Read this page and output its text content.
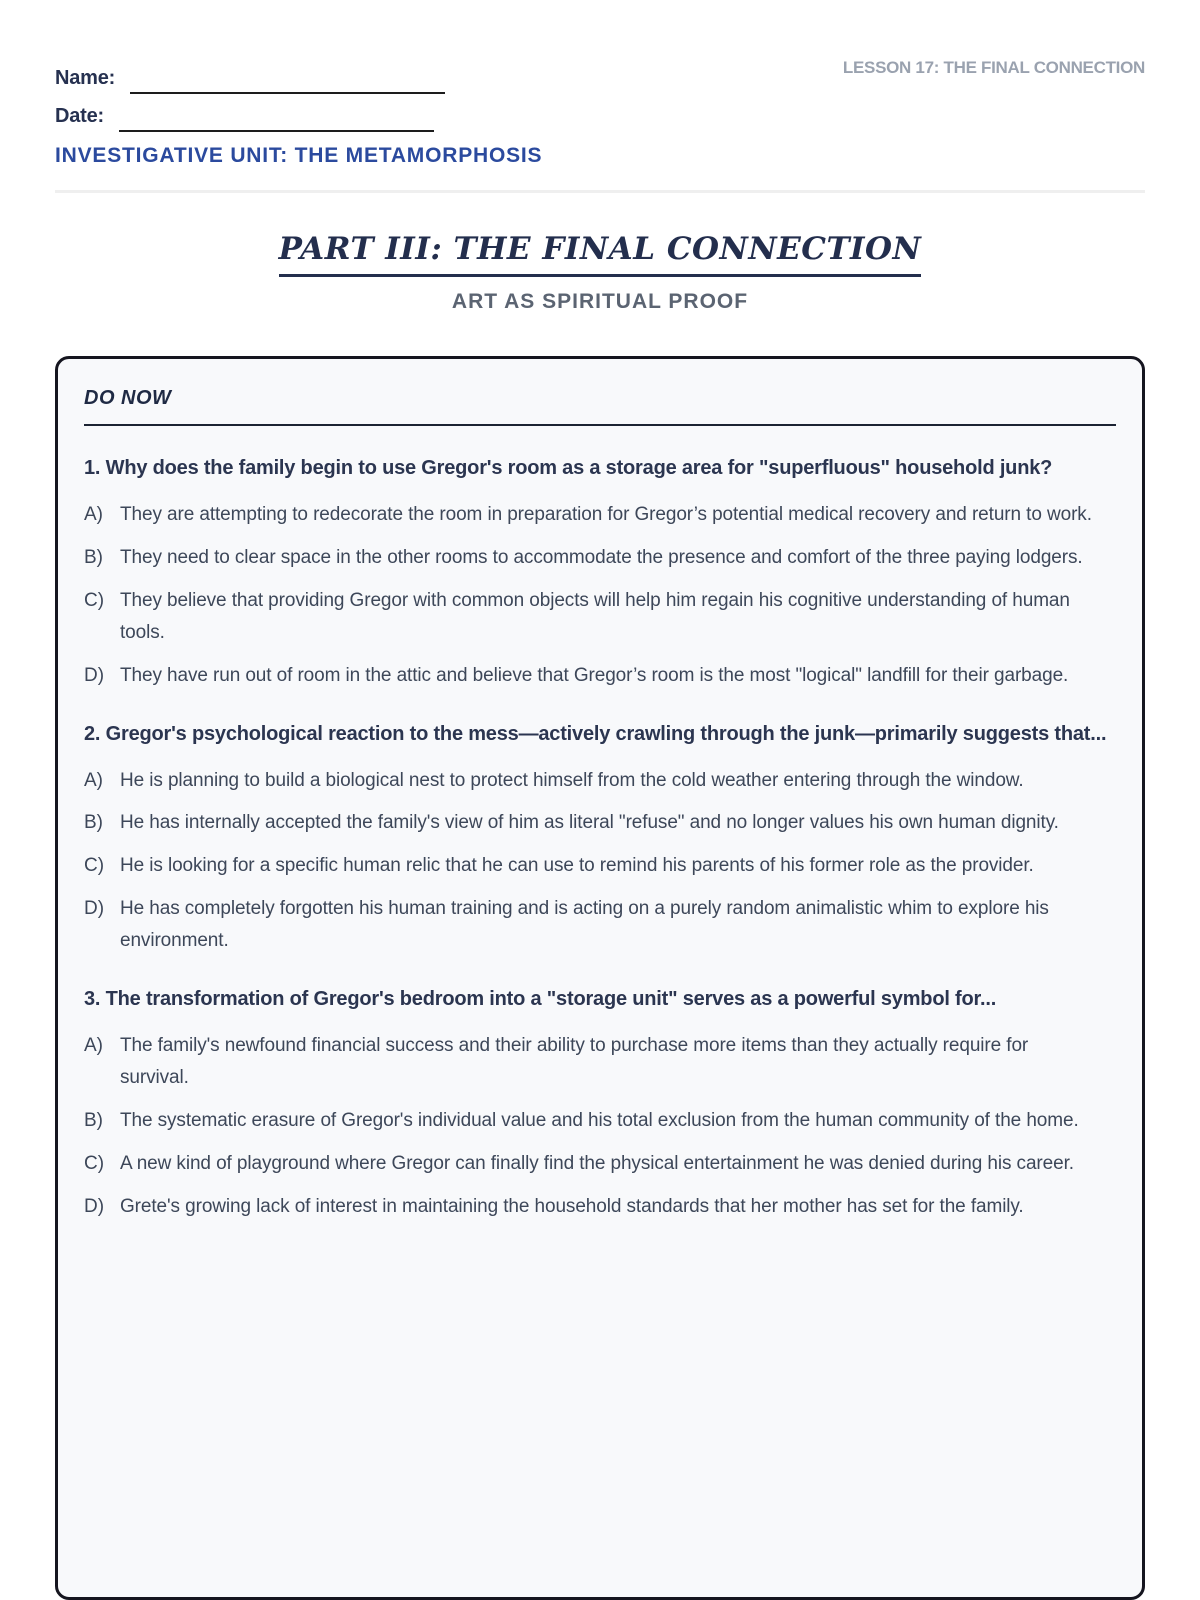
Name:
Date:
LESSON 17: THE FINAL CONNECTION
INVESTIGATIVE UNIT: THE METAMORPHOSIS
PART III: THE FINAL CONNECTION
ART AS SPIRITUAL PROOF
DO NOW

1. Why does the family begin to use Gregor's room as a storage area for "superfluous" household junk?

A) They are attempting to redecorate the room in preparation for Gregor’s potential medical recovery and return to work.
B) They need to clear space in the other rooms to accommodate the presence and comfort of the three paying lodgers.
C) They believe that providing Gregor with common objects will help him regain his cognitive understanding of human tools.
D) They have run out of room in the attic and believe that Gregor’s room is the most "logical" landfill for their garbage.

2. Gregor's psychological reaction to the mess—actively crawling through the junk—primarily suggests that...

A) He is planning to build a biological nest to protect himself from the cold weather entering through the window.
B) He has internally accepted the family's view of him as literal "refuse" and no longer values his own human dignity.
C) He is looking for a specific human relic that he can use to remind his parents of his former role as the provider.
D) He has completely forgotten his human training and is acting on a purely random animalistic whim to explore his environment.

3. The transformation of Gregor's bedroom into a "storage unit" serves as a powerful symbol for...

A) The family's newfound financial success and their ability to purchase more items than they actually require for survival.
B) The systematic erasure of Gregor's individual value and his total exclusion from the human community of the home.
C) A new kind of playground where Gregor can finally find the physical entertainment he was denied during his career.
D) Grete's growing lack of interest in maintaining the household standards that her mother has set for the family.
